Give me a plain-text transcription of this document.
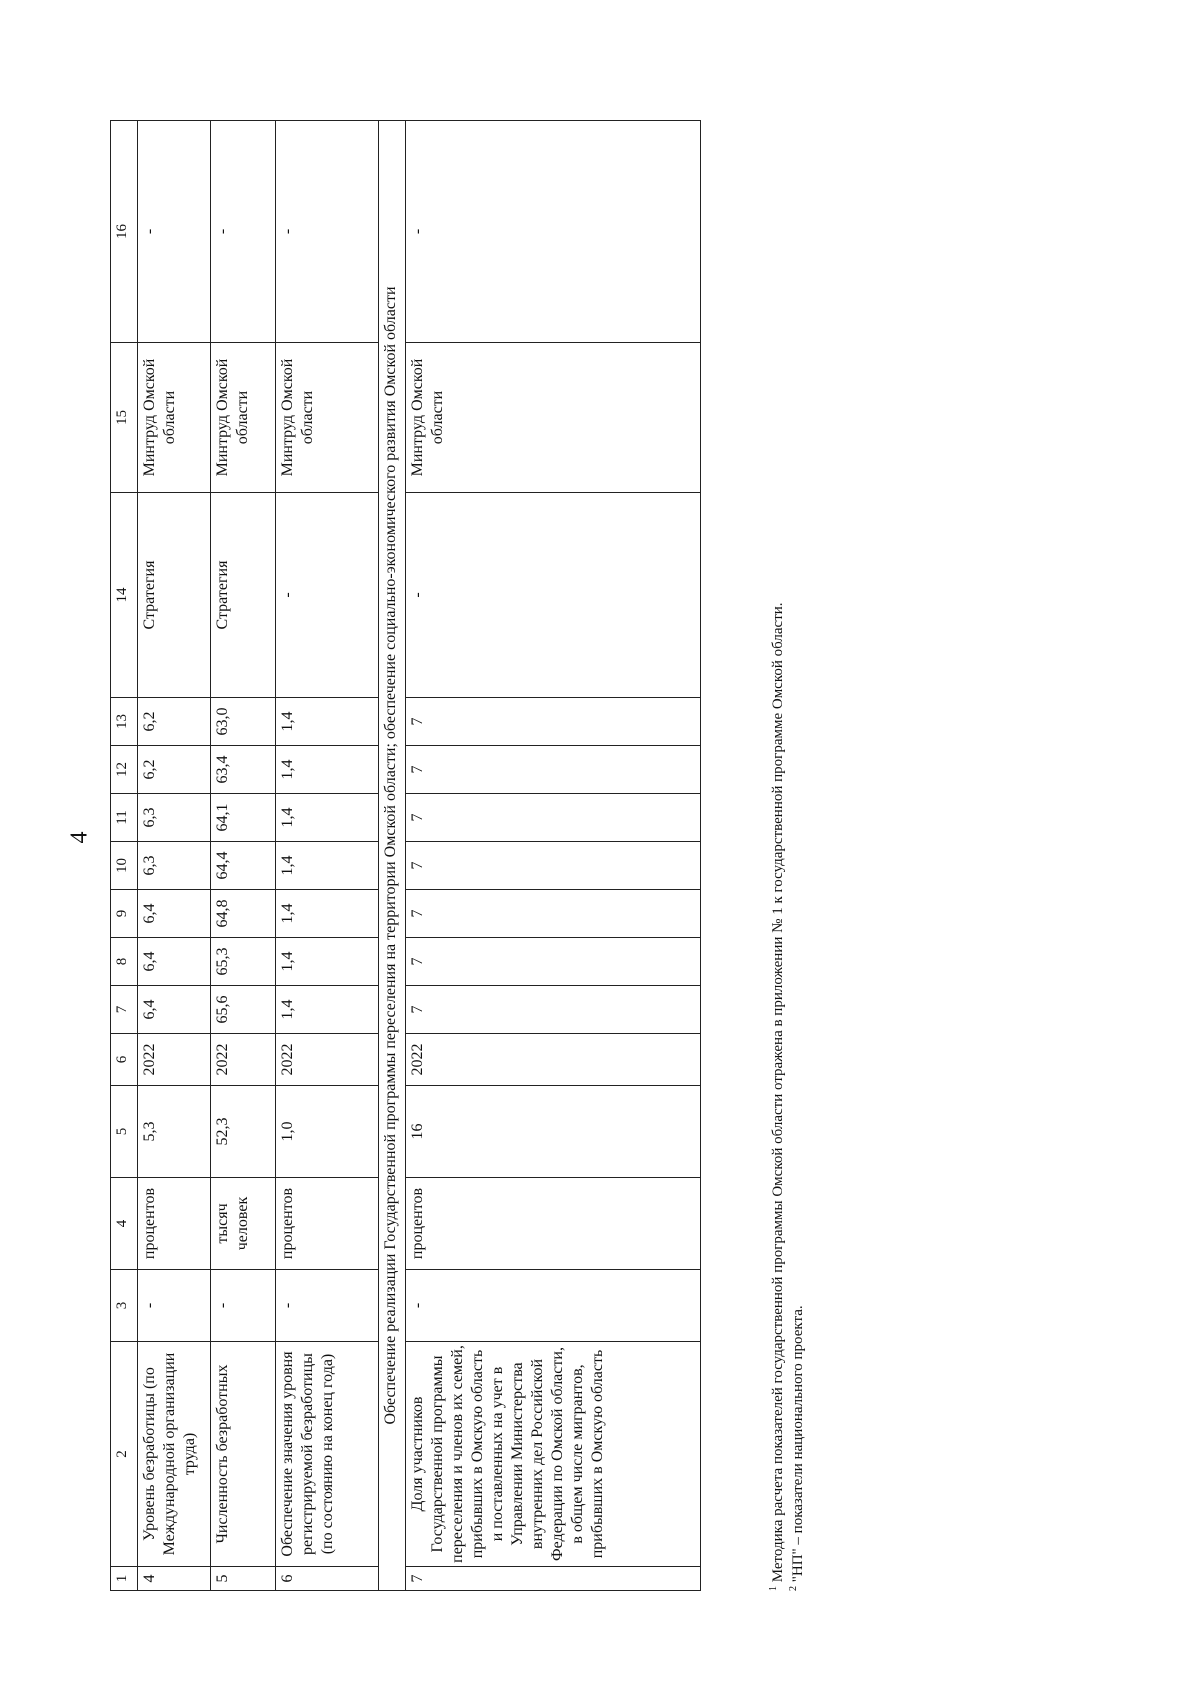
4
1	2	3	4	5	6	7	8	9	10	11	12	13	14	15	16
4	Уровень безработицы (по Международной организации труда)	-	процентов	5,3	2022	6,4	6,4	6,4	6,3	6,3	6,2	6,2	Стратегия	Минтруд Омской области	-
5	Численность безработных	-	тысяч человек	52,3	2022	65,6	65,3	64,8	64,4	64,1	63,4	63,0	Стратегия	Минтруд Омской области	-
6	Обеспечение значения уровня регистрируемой безработицы (по состоянию на конец года)	-	процентов	1,0	2022	1,4	1,4	1,4	1,4	1,4	1,4	1,4	-	Минтруд Омской области	-
Обеспечение реализации Государственной программы переселения на территории Омской области; обеспечение социально-экономического развития Омской области															
7	Доля участников Государственной программы переселения и членов их семей, прибывших в Омскую область и поставленных на учет в Управлении Министерства внутренних дел Российской Федерации по Омской области, в общем числе мигрантов, прибывших в Омскую область	-	процентов	16	2022	7	7	7	7	7	7	7	-	Минтруд Омской области	-
$^1$ Методика расчета показателей государственной программы Омской области отражена в приложении № 1 к государственной программе Омской области.
$^2$ "НП" – показатели национального проекта.
